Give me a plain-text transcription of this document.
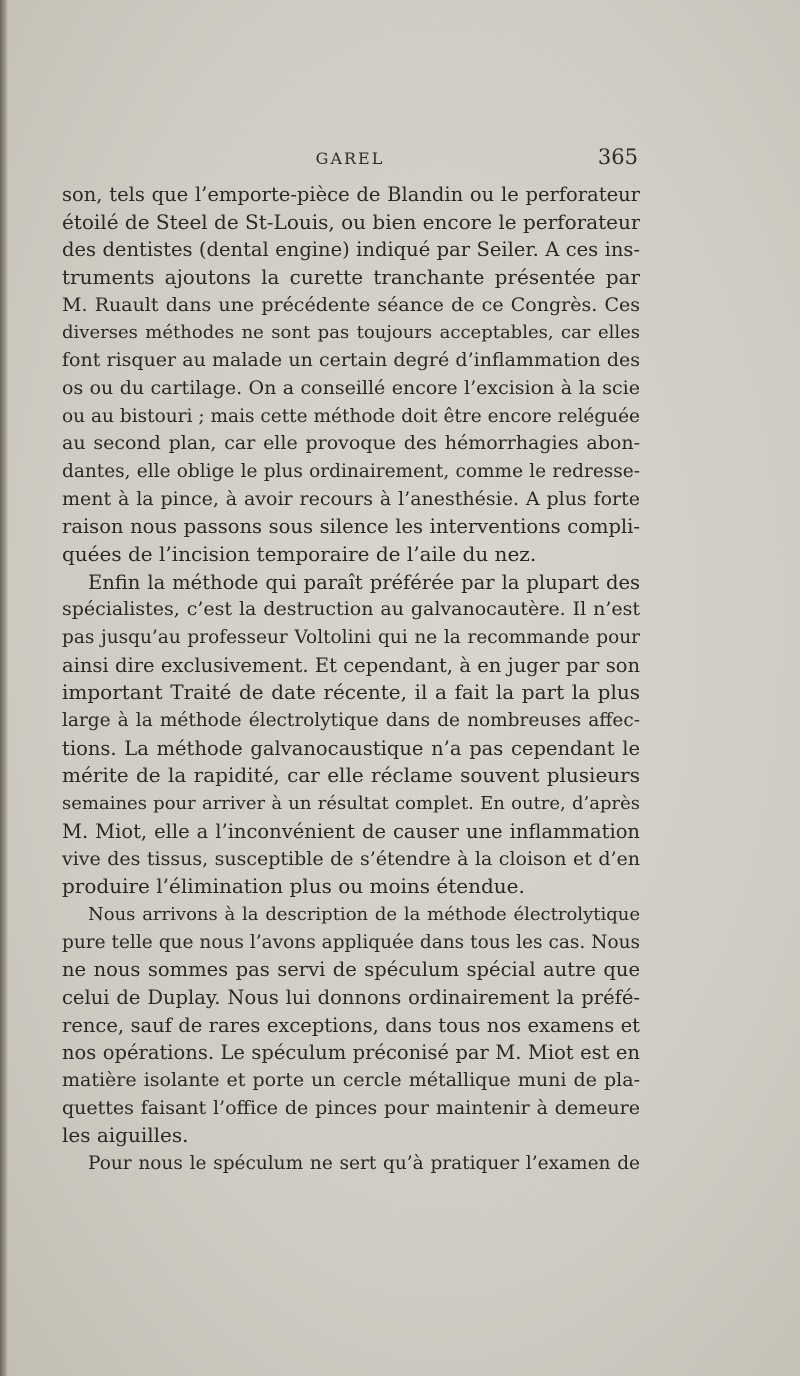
GAREL	365
son, tels que l’emporte-pièce de Blandin ou le perforateur
étoilé de Steel de St-Louis, ou bien encore le perforateur
des dentistes (dental engine) indiqué par Seiler. A ces ins-
truments ajoutons la curette tranchante présentée par
M. Ruault dans une précédente séance de ce Congrès. Ces
diverses méthodes ne sont pas toujours acceptables, car elles
font risquer au malade un certain degré d’inflammation des
os ou du cartilage. On a conseillé encore l’excision à la scie
ou au bistouri ; mais cette méthode doit être encore reléguée
au second plan, car elle provoque des hémorrhagies abon-
dantes, elle oblige le plus ordinairement, comme le redresse-
ment à la pince, à avoir recours à l’anesthésie. A plus forte
raison nous passons sous silence les interventions compli-
quées de l’incision temporaire de l’aile du nez.
Enfin la méthode qui paraît préférée par la plupart des
spécialistes, c’est la destruction au galvanocautère. Il n’est
pas jusqu’au professeur Voltolini qui ne la recommande pour
ainsi dire exclusivement. Et cependant, à en juger par son
important Traité de date récente, il a fait la part la plus
large à la méthode électrolytique dans de nombreuses affec-
tions. La méthode galvanocaustique n’a pas cependant le
mérite de la rapidité, car elle réclame souvent plusieurs
semaines pour arriver à un résultat complet. En outre, d’après
M. Miot, elle a l’inconvénient de causer une inflammation
vive des tissus, susceptible de s’étendre à la cloison et d’en
produire l’élimination plus ou moins étendue.
Nous arrivons à la description de la méthode électrolytique
pure telle que nous l’avons appliquée dans tous les cas. Nous
ne nous sommes pas servi de spéculum spécial autre que
celui de Duplay. Nous lui donnons ordinairement la préfé-
rence, sauf de rares exceptions, dans tous nos examens et
nos opérations. Le spéculum préconisé par M. Miot est en
matière isolante et porte un cercle métallique muni de pla-
quettes faisant l’office de pinces pour maintenir à demeure
les aiguilles.
Pour nous le spéculum ne sert qu’à pratiquer l’examen de
